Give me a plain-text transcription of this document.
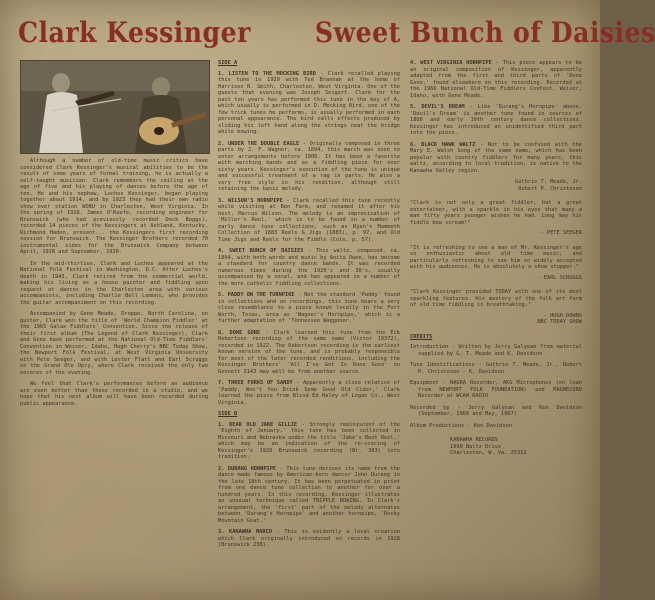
Clark Kessinger Sweet Bunch of Daisies

Although a number of old-time music critics have considered Clark Kessinger's musical abilities to be the result of some years of formal training, he is actually a self-taught musician. Clark remembers the ceiling at the age of five and his playing of dances before the age of ten. He and his nephew, Luches Kessinger, began playing together about 1914, and by 1923 they had their own radio show over station WOBU in Charleston, West Virginia. In the spring of 1928, James O'Keefe, recording engineer for Brunswick (who had previously recorded Dock Boggs), recorded 14 pieces of the Kessingers at Ashland, Kentucky. Richmond Haden, present... the Kessingers first recording session for Brunswick. The Kessinger Brothers recorded 70 instrumental sides for the Brunswick Company between April, 1928 and September, 1930.

In the mid-thirties, Clark and Luches appeared at the National Folk Festival in Washington, D.C. After Luches's death in 1943, Clark retired from the commercial world, making his living as a house painter and fiddling upon request at dances in the Charleston area with various accompanists, including Charlie Bell Lemons, who provides the guitar accompaniment on this recording.

Accompanied by Gene Meade, Droppe, North Carolina, on guitar, Clark won the title of 'World Champion Fiddler' at the 1965 Galax Fiddlers' Convention. Since the release of their first album (The Legend of Clark Kessinger), Clark and Gene have performed at the National Old-Time Fiddlers' Convention in Weiser, Idaho, Hugh Cherry's NBC Today Show, the Newport Folk Festival, at West Virginia University with Pete Seeger, and with Lester Flatt and Earl Scruggs on the Grand Ole Opry, where Clark received the only two encores of the evening.

We feel that Clark's performances before an audience are even better than those recorded in a studio, and we hope that his next album will have been recorded during public appearance.

SIDE A
1. LISTEN TO THE MOCKING BIRD - Clark recalled playing this tune in 1920 with Ted Brannan at the home of Harrison R. Smith, Charleston, West Virginia. One of the guests that evening was Joseph Seigert. Clark for the past ten years has performed this tune in the key of A, which usually is performed in D. Mocking Bird, one of the few trick tunes he performs, is usually performed in each personal appearance. The bird calls effects produced by sliding his left hand along the strings near the bridge while bowing.
2. UNDER THE DOUBLE EAGLE - Originally composed in three parts by J. F. Wagner, ca. 1894, this march was soon to enter arrangements before 1900. It has been a favorite with marching bands and as a fiddling piece for over sixty years. Kessinger's execution of the tune is unique and successful treatment of a rag in parts. He also a very free style in his rendition, although still retaining the basic melody.
3. WILSON'S HORNPIPE - Clark recalled this tune recently while visiting at Ben Farm, and renamed it after his host, Marcus Wilson. The melody is an improvisation of 'Miller's Reel,' which is to be found in a number of early dance tune collections, such as Ryan's Mammoth Collection of 1883 Reels & Jigs (1883), p. 97, and Old Time Jigs and Reels for the Fiddle (Cole, p. 57).
4. SWEET BUNCH OF DAISIES - This waltz, composed, ca. 1894, with both words and music by Anita Owen, has become a standard for country dance bands. It was recorded numerous times during the 1920's and 30's, usually accompanied by a vocal, and has appeared in a number of the more catholic fiddling collections.
5. PADDY ON THE TURNPIKE - Not the standard 'Paddy' found in collections and on recordings, this tune bears a very close resemblance to a piece known locally in the Fort Worth, Texas, area as 'Wagner's Hornpipe,' which is a further adaptation of 'Tennessee Waggoner.'
6. DONE GONE - Clark learned this tune from the Eck Robertson recording of the same name (Victor 19372), recorded in 1922. The Robertson recording is the earliest known version of the tune, and is probably responsible for most of the later recorded renditions, including the Kessinger Brothers' 'All I've Got Is Done Gone' on Gennett 3143 may well be from another source.
7. THREE FORKS OF SANDY - Apparently a close relative of 'Paddy, Won't You Drink Some Good Old Cider,' Clark learned the piece from Blind Ed Haley of Logan Co., West Virginia.
SIDE B
1. DEAR OLD JAKE GILLIE - Strongly reminiscent of the 'Eighth of January,' this tune has been collected in Missouri and Nebraska under the title 'Jake's Best Reel,' which may be an indication of the re-scoring of Kessinger's 1928 Brunswick recording (Br. 393) into tradition.
2. DURANG HORNPIPE - This tune derives its name from the dance made famous by American-born dancer John Durang in the late 18th century. It has been perpetuated in print from one dance tune collection to another for over a hundred years. In this recording, Kessinger illustrates an unusual technique called TRIPPLE BOWING. In Clark's arrangement, the 'first' part of the melody alternates between 'Durang's Hornpipe' and another hornpipe, 'Rocky Mountain Goat.'
3. KANAWHA MARCH - This is evidently a local creation which Clark originally introduced on records in 1928 (Brunswick 238).
4. WEST VIRGINIA HORNPIPE - This piece appears to be an original composition of Kessinger, apparently adapted from the first and third parts of 'Done Gone,' found elsewhere on this recording. Recorded at the 1966 National Old-Time Fiddlers Contest, Weiser, Idaho, with Gene Meade.
5. DEVIL'S DREAM - Like 'Durang's Hornpipe' above, 'Devil's Dream' is another tune found in sources of 1800 and early 19th century dance collections. Kessinger has introduced an unidentified third part into the piece.
6. BLACK HAWK WALTZ - Not to be confused with the Mary E. Walsh Song of the same name, which has been popular with country fiddlers for many years, this waltz, according to local tradition, is native to the Kanawha Valley region.
Guthrie T. Meade, Jr.
Robert P. Christeson
"Clark is not only a great fiddler, but a great entertainer, with a sparkle in his eyes that many a man fifty years younger wishes he had. Long may his fiddle bow scream!"
- PETE SEEGER
"It is refreshing to see a man of Mr. Kessinger's age so enthusiastic about old time music, and particularly refreshing to see him so widely accepted with his audiences. He is absolutely a show stopper."
- EARL SCRUGGS
"Clark Kessinger provided TODAY with one of its most sparkling features. His mastery of the folk art form of old time fiddling is breathtaking."
- HUGH DOWNS
NBC TODAY SHOW
CREDITS
Introduction - Written by Jerry Galyean from material supplied by G. T. Meade and K. Davidson
Tune Identifications - Guthrie T. Meade, Jr., Robert P. Christeson - K. Davidson
Equipment - NAGRA Recorder, AKG Microphones (on loan from NEWPORT FOLK FOUNDATION) and MAGNECORD Recorder at WCAW RADIO
Recorded by - Jerry Galyean and Ken Davidson (September, 1966 and May, 1967)
Album Productions - Ken Davidson
KANAWHA RECORDS
1999 Baltz Drive
Charleston, W. Va. 25312
